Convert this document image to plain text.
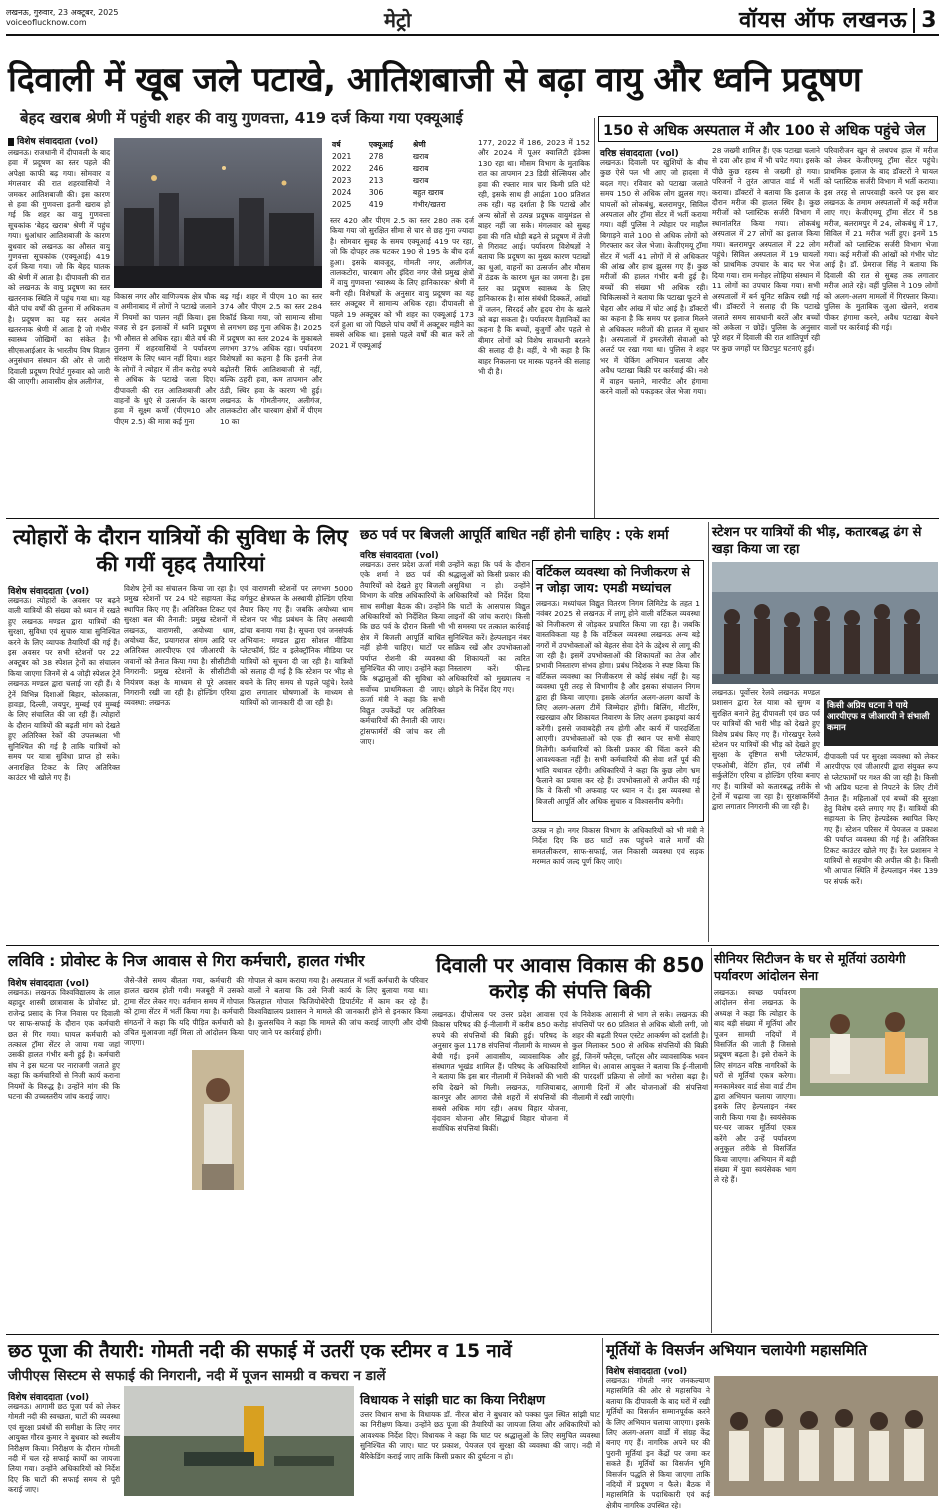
लखनऊ, गुरुवार, 23 अक्टूबर, 2025
voiceoflucknow.com	मेट्रो	वॉयस ऑफ लखनऊ 3
दिवाली में खूब जले पटाखे, आतिशबाजी से बढ़ा वायु और ध्वनि प्रदूषण
बेहद खराब श्रेणी में पहुंची शहर की वायु गुणवत्ता, 419 दर्ज किया गया एक्यूआई
विशेष संवाददाता (vol)
लखनऊ। राजधानी में दीपावली के बाद हवा में प्रदूषण का स्तर पहले की अपेक्षा काफी बढ़ गया। सोमवार व मंगलवार की रात शहरवासियों ने जमकर आतिशबाजी की। इस कारण से हवा की गुणवत्ता इतनी खराब हो गई कि शहर का वायु गुणवत्ता सूचकांक 'बेहद खराब' श्रेणी में पहुंच गया। धुआंधार आतिशबाजी के कारण बुधवार को लखनऊ का औसत वायु गुणवत्ता सूचकांक (एक्यूआई) 419 दर्ज किया गया। जो कि बेहद घातक की श्रेणी में आता है। दीपावली की रात को लखनऊ के वायु प्रदूषण का स्तर खतरनाक स्थिति में पहुंच गया था। यह बीते पांच वर्षों की तुलना में अधिकतम है। प्रदूषण का यह स्तर अत्यंत खतरनाक श्रेणी में आता है जो गंभीर स्वास्थ्य जोखिमों का संकेत है। सीएसआईआर के भारतीय विष विज्ञान अनुसंधान संस्थान की ओर से जारी दिवाली प्रदूषण रिपोर्ट गुरुवार को जारी की जाएगी। आवासीय क्षेत्र अलीगंज,
विकास नगर और वाणिज्यक क्षेत्र चौक व अमीनाबाद में लोगों ने पटाखे जलाने में नियमों का पालन नहीं किया। इस वजह से इन इलाकों में ध्वनि प्रदूषण भी औसत से अधिक रहा। बीते वर्ष की तुलना में शहरवासियों ने पर्यावरण संरक्षण के लिए ध्यान नहीं दिया। शहर के लोगों ने त्योहार में तीन करोड़ रुपये से अधिक के पटाखे जला दिए। दीपावली की रात आतिशबाजी और वाहनों के धुएं से उत्सर्जन के कारण हवा में सूक्ष्म कणों (पीएम10 और पीएम 2.5) की मात्रा कई गुना
बढ़ गई। शहर में पीएम 10 का स्तर 374 और पीएम 2.5 का स्तर 284 रिकॉर्ड किया गया, जो सामान्य सीमा से लगभग छह गुना अधिक है। 2025 में प्रदूषण का स्तर 2024 के मुकाबले लगभग 37% अधिक रहा। पर्यावरण विशेषज्ञों का कहना है कि इतनी तेज बढ़ोतरी सिर्फ आतिशबाजी से नहीं, बल्कि ठहरी हवा, कम तापमान और ठंडी, स्थिर हवा के कारण भी हुई। लखनऊ के गोमतीनगर, अलीगंज, तालकटोरा और चारबाग क्षेत्रों में पीएम 10 का
वर्ष	एक्यूआई	श्रेणी
2021	278	खराब
2022	246	खराब
2023	213	खराब
2024	306	बहुत खराब
2025	419	गंभीर/खतरा
स्तर 420 और पीएम 2.5 का स्तर 280 तक दर्ज किया गया जो सुरक्षित सीमा से चार से छह गुना ज्यादा है। सोमवार सुबह के समय एक्यूआई 419 पर रहा, जो कि दोपहर तक घटकर 190 से 195 के बीच दर्ज हुआ। इसके बावजूद, गोमती नगर, अलीगंज, तालकटोरा, चारबाग और इंदिरा नगर जैसे प्रमुख क्षेत्रों में वायु गुणवत्ता 'स्वास्थ्य के लिए हानिकारक' श्रेणी में बनी रही। विशेषज्ञों के अनुसार वायु प्रदूषण का यह स्तर अक्टूबर में सामान्य अधिक रहा। दीपावली से पहले 19 अक्टूबर को भी शहर का एक्यूआई 173 दर्ज हुआ था जो पिछले पांच वर्षों में अक्टूबर महीने का सबसे अधिक था। इससे पहले वर्षों की बात करें तो 2021 में एक्यूआई
177, 2022 में 186, 2023 में 152 और 2024 में पूअर क्वालिटी इंडेक्स 130 रहा था। मौसम विभाग के मुताबिक रात का तापमान 23 डिग्री सेल्सियस और हवा की रफ्तार मात्र चार किमी प्रति घंटे रही, इसके साथ ही आर्द्रता 100 प्रतिशत तक रही। यह दर्शाता है कि पटाखे और अन्य स्रोतों से उत्पन्न प्रदूषक वायुमंडल से बाहर नहीं जा सके। मंगलवार को सुबह हवा की गति थोड़ी बढ़ने से प्रदूषण में तेजी से गिरावट आई। पर्यावरण विशेषज्ञों ने बताया कि प्रदूषण का मुख्य कारण पटाखों का धुआं, वाहनों का उत्सर्जन और मौसम में ठंडक के कारण धूल का जमना है। इस स्तर का प्रदूषण स्वास्थ्य के लिए हानिकारक है। सांस संबंधी दिक्कतें, आंखों में जलन, सिरदर्द और हृदय रोग के खतरे को बढ़ा सकता है। पर्यावरण वैज्ञानिकों का कहना है कि बच्चों, बुजुर्गों और पहले से बीमार लोगों को विशेष सावधानी बरतने की सलाह दी है। वहीं, ये भी कहा है कि बाहर निकलना पर मास्क पहनने की सलाह भी दी है।
150 से अधिक अस्पताल में और 100 से अधिक पहुंचे जेल
वरिष्ठ संवाददाता (vol)
लखनऊ। दिवाली पर खुशियों के बीच कुछ ऐसे पल भी आए जो हादसा में बदल गए। रविवार को पटाखा जलाते समय 150 से अधिक लोग झुलस गए। घायलों को लोकबंधु, बलरामपुर, सिविल अस्पताल और ट्रॉमा सेंटर में भर्ती कराया गया। वहीं पुलिस ने त्योहार पर माहौल बिगाड़ने वाले 100 से अधिक लोगों को गिरफ्तार कर जेल भेजा। केजीएमयू ट्रॉमा सेंटर में भर्ती 41 लोगों में से अधिकतर की आंख और हाथ झुलस गए हैं। कुछ मरीजों की हालत गंभीर बनी हुई है। बच्चों की संख्या भी अधिक रही। चिकित्सकों ने बताया कि पटाखा फूटने से चेहरा और आंख में चोट आई है। डॉक्टरों का कहना है कि समय पर इलाज मिलने से अधिकतर मरीजों की हालत में सुधार है। अस्पतालों में इमरजेंसी सेवाओं को अलर्ट पर रखा गया था। पुलिस ने शहर भर में चेकिंग अभियान चलाया और अवैध पटाखा बिक्री पर कार्रवाई की। नशे में वाहन चलाने, मारपीट और हंगामा करने वालों को पकड़कर जेल भेजा गया।
28 जख्मी शामिल हैं। एक पटाखा चलाने से दवा और हाथ में भी चपेट गया। इसके पीछे कुछ रहस्य से जख्मी हो गया। परिजनों ने तुरंत आपात वार्ड में भर्ती कराया। डॉक्टरों ने बताया कि इलाज के दौरान मरीज की हालत स्थिर है। कुछ मरीजों को प्लास्टिक सर्जरी विभाग में स्थानांतरित किया गया। लोकबंधु अस्पताल में 27 लोगों का इलाज किया गया। बलरामपुर अस्पताल में 22 लोग पहुंचे। सिविल अस्पताल में 19 घायलों को प्राथमिक उपचार के बाद घर भेज दिया गया। राम मनोहर लोहिया संस्थान में 11 लोगों का उपचार किया गया। सभी अस्पतालों में बर्न यूनिट सक्रिय रखी गई थी। डॉक्टरों ने सलाह दी कि पटाखे जलाते समय सावधानी बरतें और बच्चों को अकेला न छोड़ें। पुलिस के अनुसार पूरे शहर में दिवाली की रात शांतिपूर्ण रही पर कुछ जगहों पर छिटपुट घटनाएं हुईं।
परिवारीजन खून से लथपथ हाल में मरीज को लेकर केजीएमयू ट्रॉमा सेंटर पहुंचे। प्राथमिक इलाज के बाद डॉक्टरों ने घायल को प्लास्टिक सर्जरी विभाग में भर्ती कराया। इस तरह से लापरवाही करने पर इस बार लखनऊ के तमाम अस्पतालों में कई मरीज लाए गए। केजीएमयू ट्रॉमा सेंटर में 58 मरीज, बलरामपुर में 24, लोकबंधु में 17, सिविल में 21 मरीज भर्ती हुए। इनमें 15 मरीजों को प्लास्टिक सर्जरी विभाग भेजा गया। कई मरीजों की आंखों को गंभीर चोट आई है। डॉ. प्रेमराज सिंह ने बताया कि दिवाली की रात से सुबह तक लगातार मरीज आते रहे। वहीं पुलिस ने 109 लोगों को अलग-अलग मामलों में गिरफ्तार किया। पुलिस के मुताबिक जुआ खेलने, शराब पीकर हंगामा करने, अवैध पटाखा बेचने वालों पर कार्रवाई की गई।
त्योहारों के दौरान यात्रियों की सुविधा के लिए की गयीं वृहद तैयारियां
विशेष संवाददाता (vol)
लखनऊ। त्योहारों के अवसर पर बढ़ने वाली यात्रियों की संख्या को ध्यान में रखते हुए लखनऊ मण्डल द्वारा यात्रियों की सुरक्षा, सुविधा एवं सुचारु यात्रा सुनिश्चित करने के लिए व्यापक तैयारियाँ की गई हैं। इस अवसर पर सभी स्टेशनों पर 22 अक्टूबर को 38 स्पेशल ट्रेनों का संचालन किया जाएगा जिनमें से 4 जोड़ी स्पेशल ट्रेनें लखनऊ मण्डल द्वारा चलाई जा रही हैं। ये ट्रेनें विभिन्न दिशाओं बिहार, कोलकाता, हावड़ा, दिल्ली, जयपुर, मुम्बई एवं मुम्बई के लिए संचालित की जा रही हैं। त्योहारों के दौरान यात्रियों की बढ़ती मांग को देखते हुए अतिरिक्त रेकों की उपलब्धता भी सुनिश्चित की गई है ताकि यात्रियों को समय पर यात्रा सुविधा प्राप्त हो सके। अनारक्षित टिकट के लिए अतिरिक्त काउंटर भी खोले गए हैं।
विशेष ट्रेनों का संचालन किया जा रहा है। प्रमुख स्टेशनों पर 24 घंटे सहायता केंद्र स्थापित किए गए हैं। अतिरिक्त टिकट एवं सुरक्षा बल की तैनाती: प्रमुख स्टेशनों में लखनऊ, वाराणसी, अयोध्या धाम, अयोध्या कैंट, प्रयागराज संगम आदि पर अतिरिक्त आरपीएफ एवं जीआरपी के जवानों को तैनात किया गया है। सीसीटीवी निगरानी: प्रमुख स्टेशनों के सीसीटीवी नियंत्रण कक्ष के माध्यम से पूरे अवसर निगरानी रखी जा रही है। होल्डिंग एरिया व्यवस्था: लखनऊ
एवं वाराणसी स्टेशनों पर लगभग 5000 वर्गफुट क्षेत्रफल के अस्थायी होल्डिंग एरिया तैयार किए गए हैं। जबकि अयोध्या धाम स्टेशन पर भीड़ प्रबंधन के लिए अस्थायी ढांचा बनाया गया है। सूचना एवं जनसंपर्क अभियान: मण्डल द्वारा सोशल मीडिया प्लेटफॉर्म, प्रिंट व इलेक्ट्रॉनिक मीडिया पर यात्रियों को सूचना दी जा रही है। यात्रियों को सलाह दी गई है कि स्टेशन पर भीड़ से बचने के लिए समय से पहले पहुंचे। रेलवे द्वारा लगातार घोषणाओं के माध्यम से यात्रियों को जानकारी दी जा रही है।
छठ पर्व पर बिजली आपूर्ति बाधित नहीं होनी चाहिए : एके शर्मा
वरिष्ठ संवाददाता (vol)
लखनऊ। उत्तर प्रदेश ऊर्जा मंत्री एके शर्मा ने छठ पर्व की तैयारियों को देखते हुए बिजली विभाग के वरिष्ठ अधिकारियों के साथ समीक्षा बैठक की। उन्होंने अधिकारियों को निर्देशित किया कि छठ पर्व के दौरान किसी भी क्षेत्र में बिजली आपूर्ति बाधित नहीं होनी चाहिए। घाटों पर पर्याप्त रोशनी की व्यवस्था सुनिश्चित की जाए। उन्होंने कहा कि श्रद्धालुओं की सुविधा को सर्वोच्च प्राथमिकता दी जाए। ऊर्जा मंत्री ने कहा कि सभी विद्युत उपकेंद्रों पर अतिरिक्त कर्मचारियों की तैनाती की जाए। ट्रांसफार्मरों की जांच कर ली जाए।
उन्होंने कहा कि पर्व के दौरान श्रद्धालुओं को किसी प्रकार की असुविधा न हो। उन्होंने अधिकारियों को निर्देश दिया कि घाटों के आसपास विद्युत लाइनों की जांच कराएं। किसी भी समस्या पर तत्काल कार्रवाई सुनिश्चित करें। हेल्पलाइन नंबर सक्रिय रखें और उपभोक्ताओं की शिकायतों का त्वरित निस्तारण करें। फील्ड अधिकारियों को मुख्यालय न छोड़ने के निर्देश दिए गए।
वर्टिकल व्यवस्था को निजीकरण से न जोड़ा जाय: एमडी मध्यांचल
लखनऊ। मध्यांचल विद्युत वितरण निगम लिमिटेड के तहत 1 नवंबर 2025 से लखनऊ में लागू होने वाली वर्टिकल व्यवस्था को निजीकरण से जोड़कर प्रचारित किया जा रहा है। जबकि वास्तविकता यह है कि वर्टिकल व्यवस्था लखनऊ अन्य बड़े नगरों में उपभोक्ताओं को बेहतर सेवा देने के उद्देश्य से लागू की जा रही है। इसमें उपभोक्ताओं की शिकायतों का तेज और प्रभावी निस्तारण संभव होगा। प्रबंध निदेशक ने स्पष्ट किया कि वर्टिकल व्यवस्था का निजीकरण से कोई संबंध नहीं है। यह व्यवस्था पूरी तरह से विभागीय है और इसका संचालन निगम द्वारा ही किया जाएगा। इसके अंतर्गत अलग-अलग कार्यों के लिए अलग-अलग टीमें जिम्मेदार होंगी। बिलिंग, मीटरिंग, रखरखाव और शिकायत निवारण के लिए अलग इकाइयां कार्य करेंगी। इससे जवाबदेही तय होगी और कार्य में पारदर्शिता आएगी। उपभोक्ताओं को एक ही स्थान पर सभी सेवाएं मिलेंगी। कर्मचारियों को किसी प्रकार की चिंता करने की आवश्यकता नहीं है। सभी कर्मचारियों की सेवा शर्तें पूर्व की भांति यथावत रहेंगी। अधिकारियों ने कहा कि कुछ लोग भ्रम फैलाने का प्रयास कर रहे हैं। उपभोक्ताओं से अपील की गई कि वे किसी भी अफवाह पर ध्यान न दें। इस व्यवस्था से बिजली आपूर्ति और अधिक सुचारु व विश्वसनीय बनेगी।
उत्पन्न न हो। नगर विकास विभाग के अधिकारियों को भी मंत्री ने निर्देश दिए कि छठ घाटों तक पहुंचने वाले मार्गों की समतलीकरण, साफ-सफाई, जल निकासी व्यवस्था एवं सड़क मरम्मत कार्य जल्द पूर्ण किए जाएं।
स्टेशन पर यात्रियों की भीड़, कतारबद्ध ढंग से खड़ा किया जा रहा
लखनऊ। पूर्वोत्तर रेलवे लखनऊ मण्डल प्रशासन द्वारा रेल यात्रा को सुगम व सुरक्षित बनाने हेतु दीपावली एवं छठ पर्व पर यात्रियों की भारी भीड़ को देखते हुए विशेष प्रबंध किए गए हैं। गोरखपुर रेलवे स्टेशन पर यात्रियों की भीड़ को देखते हुए सुरक्षा के दृष्टिगत सभी प्लेटफार्म, एफओबी, वेटिंग हॉल, एवं लॉबी में सर्कुलेटिंग एरिया व होल्डिंग एरिया बनाए गए हैं। यात्रियों को कतारबद्ध तरीके से ट्रेनों में चढ़ाया जा रहा है। सुरक्षाकर्मियों द्वारा लगातार निगरानी की जा रही है।
किसी अप्रिय घटना ने पाये आरपीएफ व जीआरपी ने संभाली कमान
दीपावली पर्व पर सुरक्षा व्यवस्था को लेकर आरपीएफ एवं जीआरपी द्वारा संयुक्त रूप से प्लेटफार्मों पर गश्त की जा रही है। किसी भी अप्रिय घटना से निपटने के लिए टीमें तैनात हैं। महिलाओं एवं बच्चों की सुरक्षा हेतु विशेष दस्ते लगाए गए हैं। यात्रियों की सहायता के लिए हेल्पडेस्क स्थापित किए गए हैं। स्टेशन परिसर में पेयजल व प्रकाश की पर्याप्त व्यवस्था की गई है। अतिरिक्त टिकट काउंटर खोले गए हैं। रेल प्रशासन ने यात्रियों से सहयोग की अपील की है। किसी भी आपात स्थिति में हेल्पलाइन नंबर 139 पर संपर्क करें।
लविवि : प्रोवोस्ट के निज आवास से गिरा कर्मचारी, हालत गंभीर
विशेष संवाददाता (vol)
लखनऊ। लखनऊ विश्वविद्यालय के लाल बहादुर शास्त्री छात्रावास के प्रोवोस्ट प्रो. राजेन्द्र प्रसाद के निज निवास पर दिवाली पर साफ-सफाई के दौरान एक कर्मचारी छत से गिर गया। घायल कर्मचारी को तत्काल ट्रॉमा सेंटर ले जाया गया जहां उसकी हालत गंभीर बनी हुई है। कर्मचारी संघ ने इस घटना पर नाराजगी जताते हुए कहा कि कर्मचारियों से निजी कार्य कराना नियमों के विरुद्ध है। उन्होंने मांग की कि घटना की उच्चस्तरीय जांच कराई जाए।
जैसे-जैसे समय बीतता गया, कर्मचारी की हालत खराब होती गयी। मजबूरी में उसको ट्रामा सेंटर लेकर गए। वर्तमान समय में गोपाल को ट्रामा सेंटर में भर्ती किया गया है। कर्मचारी संगठनों ने कहा कि यदि पीड़ित कर्मचारी को उचित मुआवजा नहीं मिला तो आंदोलन किया जाएगा।
गोपाल से काम कराया गया है। अस्पताल में भर्ती कर्मचारी के परिवार वालों ने बताया कि उसे निजी कार्य के लिए बुलाया गया था। फिलहाल गोपाल फिजियोथेरेपी डिपार्टमेंट में काम कर रहे हैं। विश्वविद्यालय प्रशासन ने मामले की जानकारी होने से इनकार किया है। कुलसचिव ने कहा कि मामले की जांच कराई जाएगी और दोषी पाए जाने पर कार्रवाई होगी।
दिवाली पर आवास विकास की 850 करोड़ की संपत्ति बिकी
लखनऊ। दीपोत्सव पर उत्तर प्रदेश आवास एवं विकास परिषद की ई-नीलामी में करीब 850 करोड़ रुपये की संपत्तियों की बिक्री हुई। परिषद के अनुसार कुल 1178 संपत्तियां नीलामी के माध्यम से बेची गईं। इनमें आवासीय, व्यावसायिक और संस्थागत भूखंड शामिल हैं। परिषद के अधिकारियों ने बताया कि इस बार नीलामी में निवेशकों की भारी रुचि देखने को मिली। लखनऊ, गाजियाबाद, कानपुर और आगरा जैसे शहरों में संपत्तियों की सबसे अधिक मांग रही। अवध विहार योजना, वृंदावन योजना और सिद्धार्थ विहार योजना में सर्वाधिक संपत्तियां बिकीं।
के निवेशक आसानी से भाग ले सके। लखनऊ की संपत्तियों पर 60 प्रतिशत से अधिक बोली लगी, जो शहर की बढ़ती रियल एस्टेट आकर्षण को दर्शाती है। कुल मिलाकर 500 से अधिक संपत्तियों की बिक्री हुई, जिनमें फ्लैट्स, प्लॉट्स और व्यावसायिक भवन शामिल थे। आवास आयुक्त ने बताया कि ई-नीलामी की पारदर्शी प्रक्रिया से लोगों का भरोसा बढ़ा है। आगामी दिनों में और योजनाओं की संपत्तियां नीलामी में रखी जाएंगी।
सीनियर सिटीजन के घर से मूर्तियां उठायेगी पर्यावरण आंदोलन सेना
लखनऊ। स्वच्छ पर्यावरण आंदोलन सेना लखनऊ के अध्यक्ष ने कहा कि त्योहार के बाद बड़ी संख्या में मूर्तियां और पूजन सामग्री नदियों में विसर्जित की जाती हैं जिससे प्रदूषण बढ़ता है। इसे रोकने के लिए संगठन वरिष्ठ नागरिकों के घरों से मूर्तियां एकत्र करेगा। मनकामेश्वर वार्ड सेवा वार्ड टीम द्वारा अभियान चलाया जाएगा। इसके लिए हेल्पलाइन नंबर जारी किया गया है। स्वयंसेवक घर-घर जाकर मूर्तियां एकत्र करेंगे और उन्हें पर्यावरण अनुकूल तरीके से विसर्जित किया जाएगा। अभियान में बड़ी संख्या में युवा स्वयंसेवक भाग ले रहे हैं।
छठ पूजा की तैयारी: गोमती नदी की सफाई में उतरीं एक स्टीमर व 15 नावें
जीपीएस सिस्टम से सफाई की निगरानी, नदी में पूजन सामग्री व कचरा न डालें
विशेष संवाददाता (vol)
लखनऊ। आगामी छठ पूजा पर्व को लेकर गोमती नदी की स्वच्छता, घाटों की व्यवस्था एवं सुरक्षा प्रबंधों की समीक्षा के लिए नगर आयुक्त गौरव कुमार ने बुधवार को स्थलीय निरीक्षण किया। निरीक्षण के दौरान गोमती नदी में चल रहे सफाई कार्यों का जायजा लिया गया। उन्होंने अधिकारियों को निर्देश दिए कि घाटों की सफाई समय से पूरी कराई जाए।
विधायक ने सांझी घाट का किया निरीक्षण
उत्तर विधान सभा के विधायक डॉ. नीरज बोरा ने बुधवार को पक्का पुल स्थित सांझी घाट का निरीक्षण किया। उन्होंने छठ पूजा की तैयारियों का जायजा लिया और अधिकारियों को आवश्यक निर्देश दिए। विधायक ने कहा कि घाट पर श्रद्धालुओं के लिए समुचित व्यवस्था सुनिश्चित की जाए। घाट पर प्रकाश, पेयजल एवं सुरक्षा की व्यवस्था की जाए। नदी में बैरिकेडिंग कराई जाए ताकि किसी प्रकार की दुर्घटना न हो।
मूर्तियों के विसर्जन अभियान चलायेगी महासमिति
विशेष संवाददाता (vol)
लखनऊ। गोमती नगर जनकल्याण महासमिति की ओर से महासचिव ने बताया कि दीपावली के बाद घरों में रखी मूर्तियों का विसर्जन सम्मानपूर्वक करने के लिए अभियान चलाया जाएगा। इसके लिए अलग-अलग वार्डों में संग्रह केंद्र बनाए गए हैं। नागरिक अपने घर की पुरानी मूर्तियां इन केंद्रों पर जमा कर सकते हैं। मूर्तियों का विसर्जन भूमि विसर्जन पद्धति से किया जाएगा ताकि नदियों में प्रदूषण न फैले। बैठक में महासमिति के पदाधिकारी एवं कई क्षेत्रीय नागरिक उपस्थित रहे।
